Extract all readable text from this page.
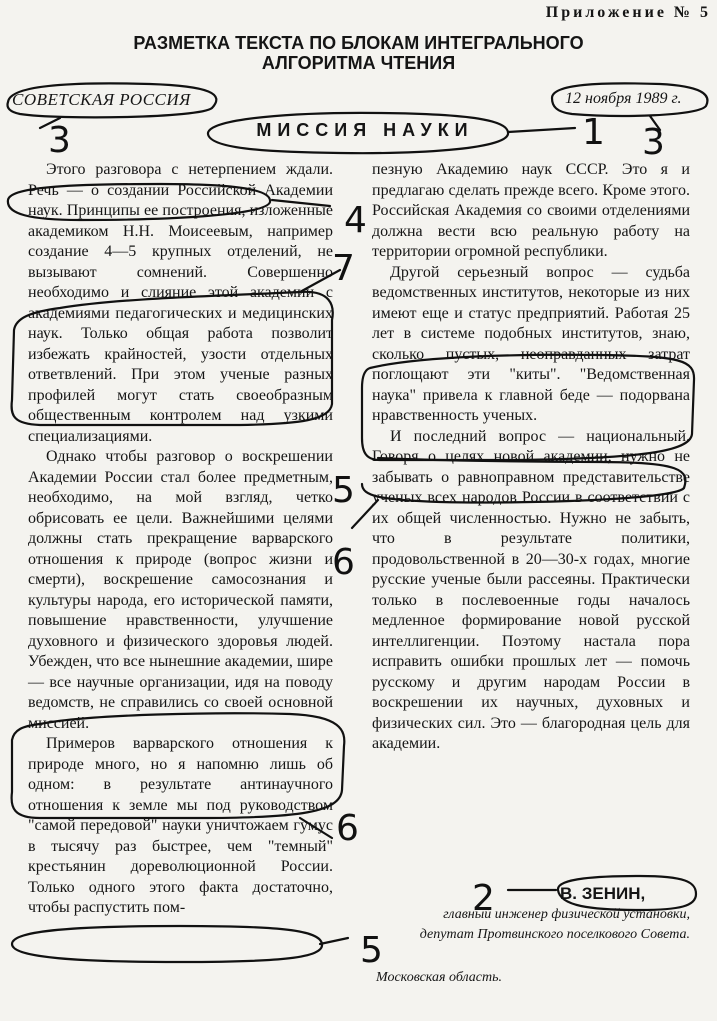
Приложение № 5
РАЗМЕТКА ТЕКСТА ПО БЛОКАМ ИНТЕГРАЛЬНОГО
АЛГОРИТМА ЧТЕНИЯ
СОВЕТСКАЯ РОССИЯ	12 ноября 1989 г.
МИССИЯ НАУКИ

Этого разговора с нетерпением ждали. Речь — о создании Российской Академии наук. Принципы ее построения, изложенные академиком Н.Н. Моисеевым, например создание 4—5 крупных отделений, не вызывают сомнений. Совершенно необходимо и слияние этой академии с академиями педагогических и медицинских наук. Только общая работа позволит избежать крайностей, узости отдельных ответвлений. При этом ученые разных профилей могут стать своеобразным общественным контролем над узкими специализациями.

Однако чтобы разговор о воскрешении Академии России стал более предметным, необходимо, на мой взгляд, четко обрисовать ее цели. Важнейшими целями должны стать прекращение варварского отношения к природе (вопрос жизни и смерти), воскрешение самосознания и культуры народа, его исторической памяти, повышение нравственности, улучшение духовного и физического здоровья людей. Убежден, что все нынешние академии, шире — все научные организации, идя на поводу ведомств, не справились со своей основной миссией.

Примеров варварского отношения к природе много, но я напомню лишь об одном: в результате антинаучного отношения к земле мы под руководством "самой передовой" науки уничтожаем гумус в тысячу раз быстрее, чем "темный" крестьянин дореволюционной России. Только одного этого факта достаточно, чтобы распустить пом-

пезную Академию наук СССР. Это я и предлагаю сделать прежде всего. Кроме этого. Российская Академия со своими отделениями должна вести всю реальную работу на территории огромной республики.

Другой серьезный вопрос — судьба ведомственных институтов, некоторые из них имеют еще и статус предприятий. Работая 25 лет в системе подобных институтов, знаю, сколько пустых, неоправданных затрат поглощают эти "киты". "Ведомственная наука" привела к главной беде — подорвана нравственность ученых.

И последний вопрос — национальный. Говоря о целях новой академии, нужно не забывать о равноправном представительстве ученых всех народов России в соответствии с их общей численностью. Нужно не забыть, что в результате политики, продовольственной в 20—30-х годах, многие русские ученые были рассеяны. Практически только в послевоенные годы началось медленное формирование новой русской интеллигенции. Поэтому настала пора исправить ошибки прошлых лет — помочь русскому и другим народам России в воскрешении их научных, духовных и физических сил. Это — благородная цель для академии.

В. ЗЕНИН,
главный инженер физической установки, депутат Протвинского поселкового Совета.
Московская область.
3	1 3
4
7
5
6
6
5
2
